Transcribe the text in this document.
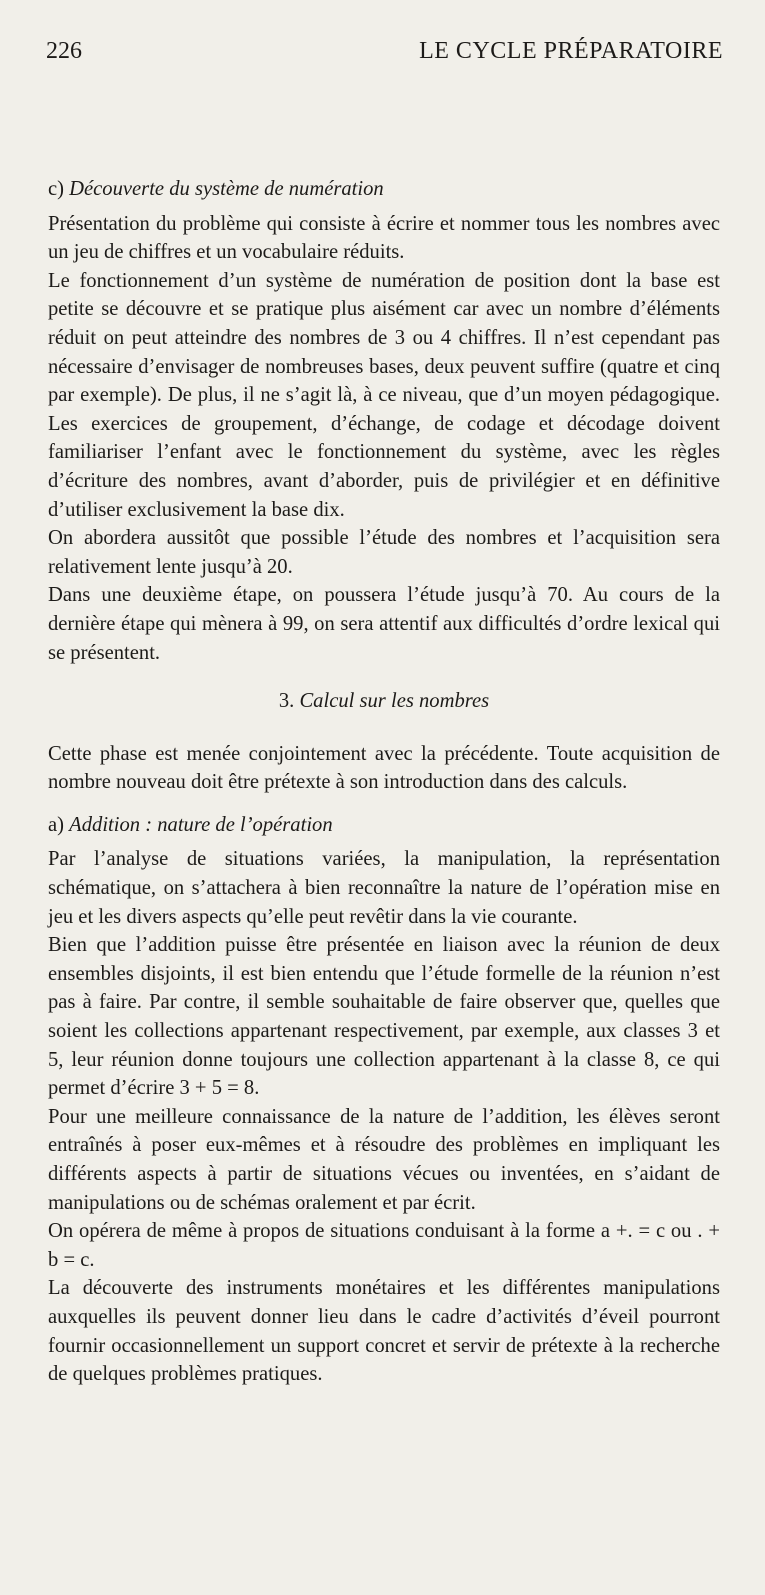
226	LE CYCLE PRÉPARATOIRE

c) Découverte du système de numération

Présentation du problème qui consiste à écrire et nommer tous les nombres avec un jeu de chiffres et un vocabulaire réduits.

Le fonctionnement d’un système de numération de position dont la base est petite se découvre et se pratique plus aisément car avec un nombre d’éléments réduit on peut atteindre des nombres de 3 ou 4 chiffres. Il n’est cependant pas nécessaire d’envisager de nombreuses bases, deux peuvent suffire (quatre et cinq par exemple). De plus, il ne s’agit là, à ce niveau, que d’un moyen pédagogique. Les exercices de groupement, d’échange, de codage et décodage doivent familiariser l’enfant avec le fonctionnement du système, avec les règles d’écriture des nombres, avant d’aborder, puis de privilégier et en définitive d’utiliser exclusivement la base dix.

On abordera aussitôt que possible l’étude des nombres et l’acquisition sera relativement lente jusqu’à 20.

Dans une deuxième étape, on poussera l’étude jusqu’à 70. Au cours de la dernière étape qui mènera à 99, on sera attentif aux difficultés d’ordre lexical qui se présentent.

3. Calcul sur les nombres

Cette phase est menée conjointement avec la précédente. Toute acquisition de nombre nouveau doit être prétexte à son introduction dans des calculs.

a) Addition : nature de l’opération

Par l’analyse de situations variées, la manipulation, la représentation schématique, on s’attachera à bien reconnaître la nature de l’opération mise en jeu et les divers aspects qu’elle peut revêtir dans la vie courante.

Bien que l’addition puisse être présentée en liaison avec la réunion de deux ensembles disjoints, il est bien entendu que l’étude formelle de la réunion n’est pas à faire. Par contre, il semble souhaitable de faire observer que, quelles que soient les collections appartenant respectivement, par exemple, aux classes 3 et 5, leur réunion donne toujours une collection appartenant à la classe 8, ce qui permet d’écrire 3 + 5 = 8.

Pour une meilleure connaissance de la nature de l’addition, les élèves seront entraînés à poser eux-mêmes et à résoudre des problèmes en impliquant les différents aspects à partir de situations vécues ou inventées, en s’aidant de manipulations ou de schémas oralement et par écrit.

On opérera de même à propos de situations conduisant à la forme a +. = c ou . + b = c.

La découverte des instruments monétaires et les différentes manipulations auxquelles ils peuvent donner lieu dans le cadre d’activités d’éveil pourront fournir occasionnellement un support concret et servir de prétexte à la recherche de quelques problèmes pratiques.
